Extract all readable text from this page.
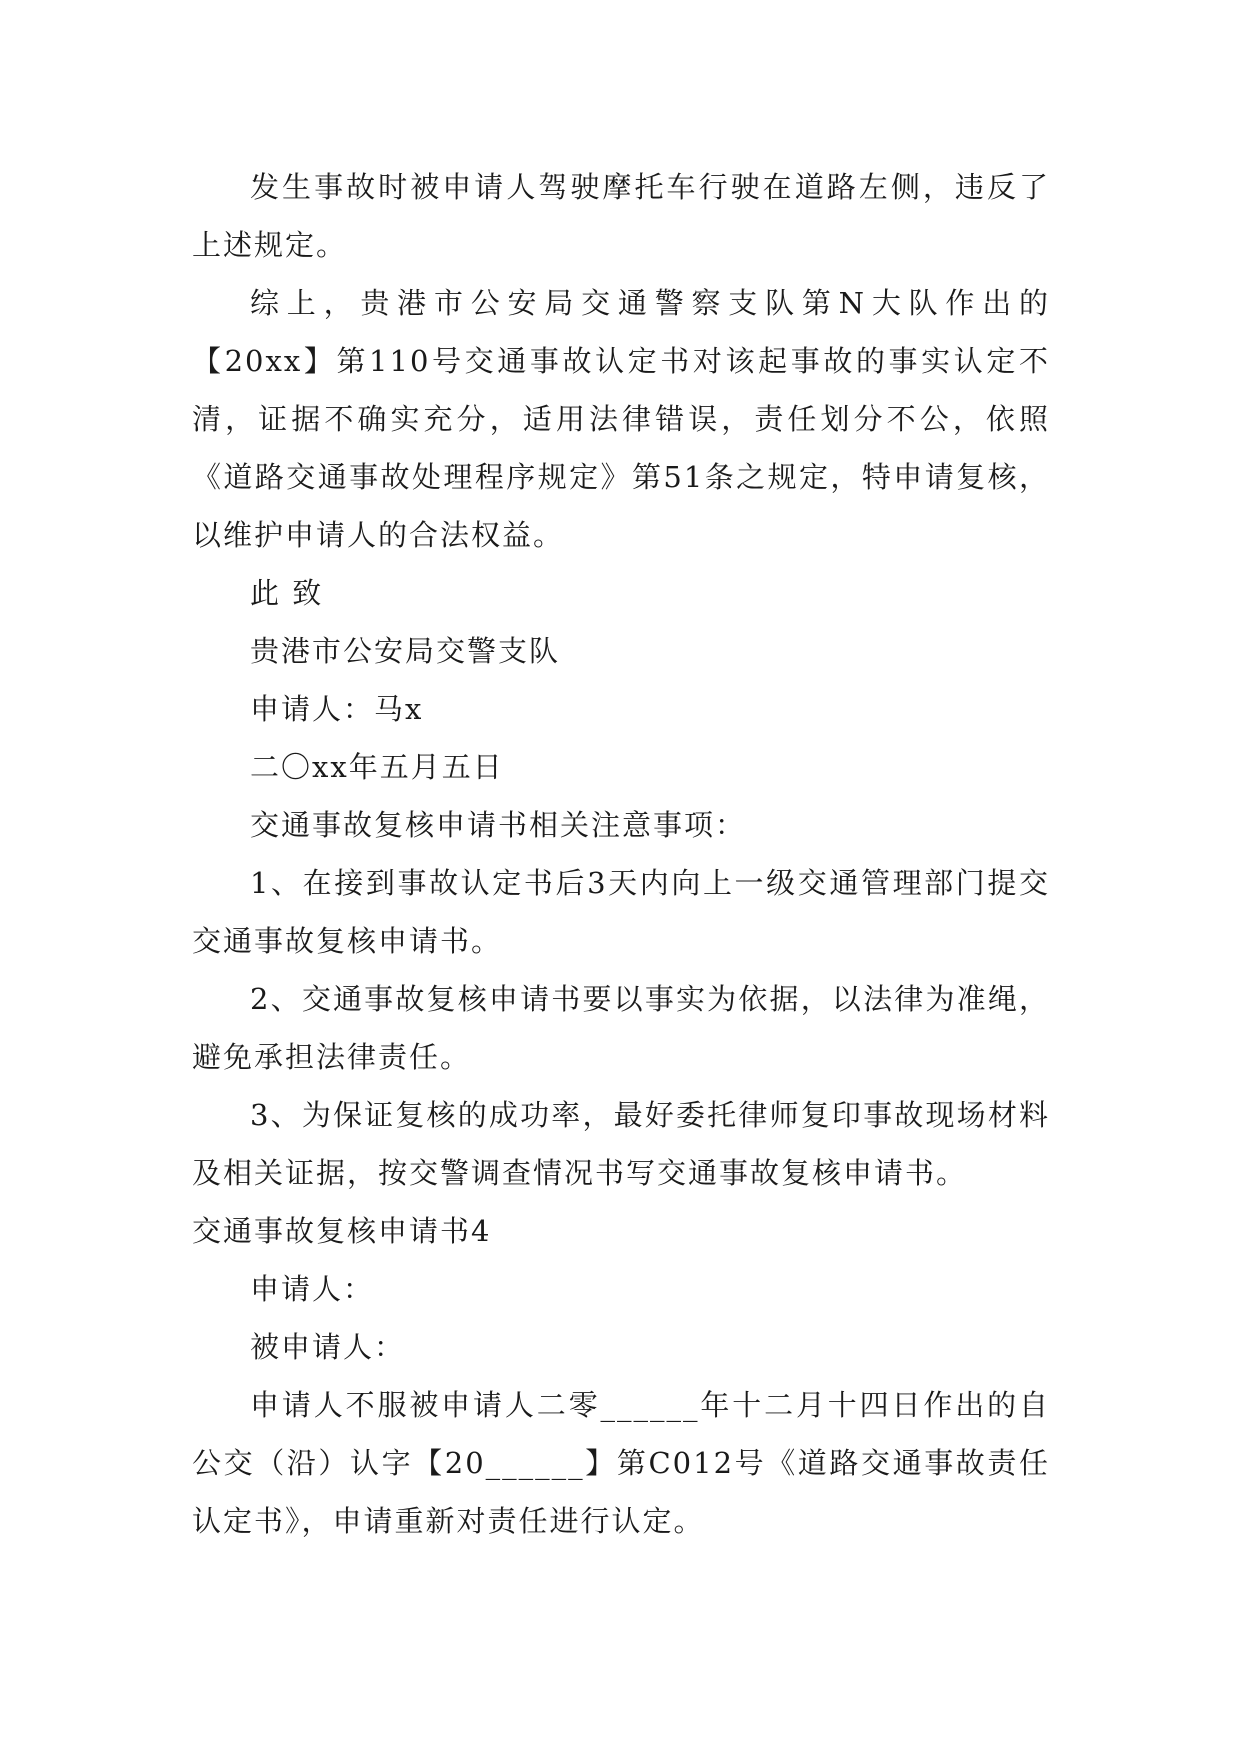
发生事故时被申请人驾驶摩托车行驶在道路左侧，违反了上述规定。

综上，贵港市公安局交通警察支队第N大队作出的【20xx】第110号交通事故认定书对该起事故的事实认定不清，证据不确实充分，适用法律错误，责任划分不公，依照《道路交通事故处理程序规定》第51条之规定，特申请复核，以维护申请人的合法权益。

此 致

贵港市公安局交警支队

申请人：马x

二〇xx年五月五日

交通事故复核申请书相关注意事项：

1、在接到事故认定书后3天内向上一级交通管理部门提交交通事故复核申请书。

2、交通事故复核申请书要以事实为依据，以法律为准绳，避免承担法律责任。

3、为保证复核的成功率，最好委托律师复印事故现场材料及相关证据，按交警调查情况书写交通事故复核申请书。

交通事故复核申请书4

申请人：

被申请人：

申请人不服被申请人二零______年十二月十四日作出的自公交（沿）认字【20______】第C012号《道路交通事故责任认定书》，申请重新对责任进行认定。
